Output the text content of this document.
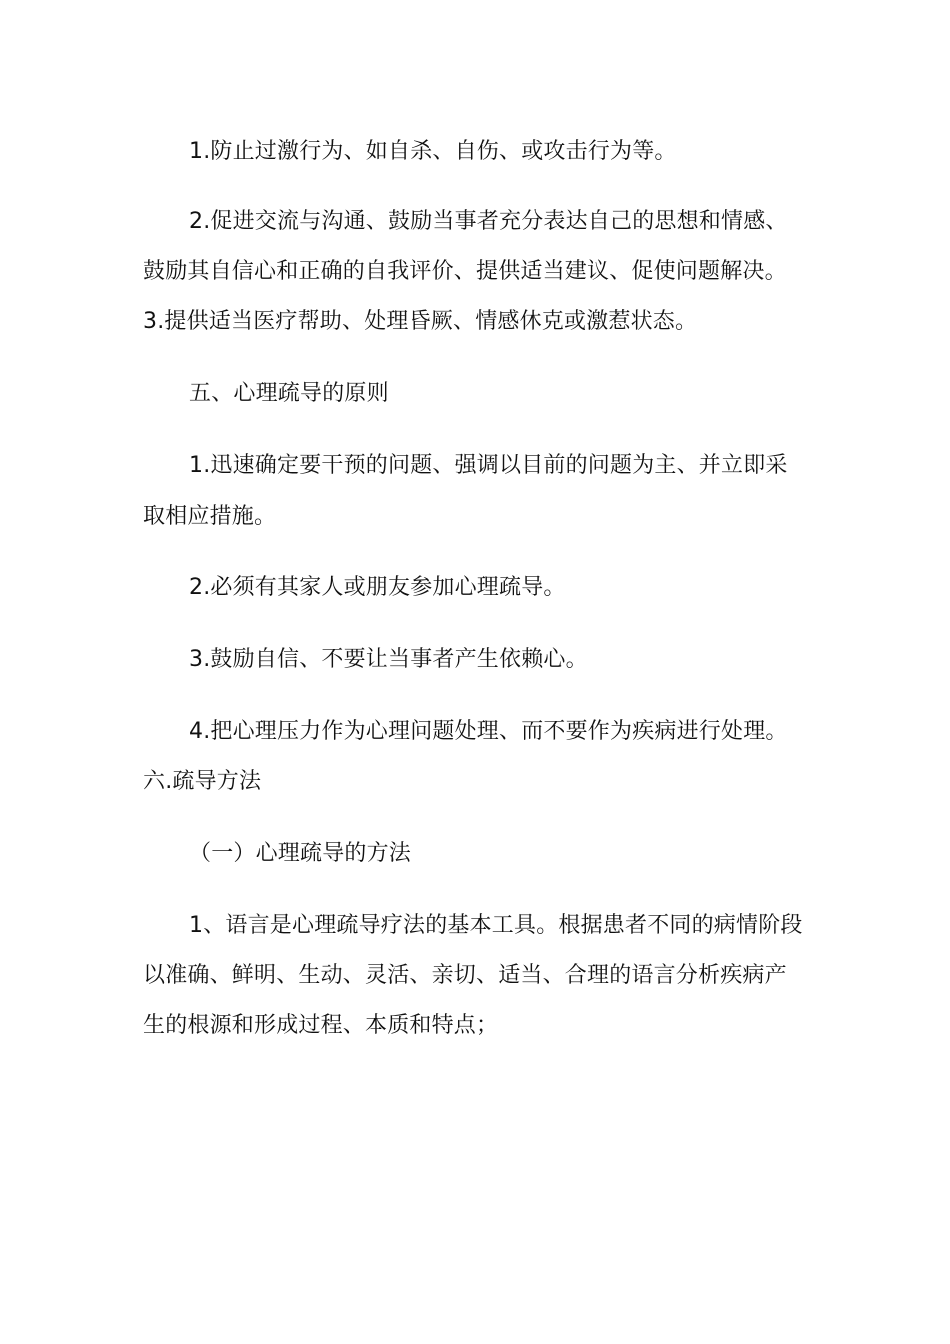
1.防止过激行为、如自杀、自伤、或攻击行为等。
2.促进交流与沟通、鼓励当事者充分表达自己的思想和情感、
鼓励其自信心和正确的自我评价、提供适当建议、促使问题解决。
3.提供适当医疗帮助、处理昏厥、情感休克或激惹状态。
五、心理疏导的原则
1.迅速确定要干预的问题、强调以目前的问题为主、并立即采
取相应措施。
2.必须有其家人或朋友参加心理疏导。
3.鼓励自信、不要让当事者产生依赖心。
4.把心理压力作为心理问题处理、而不要作为疾病进行处理。
六.疏导方法
（一）心理疏导的方法
1、语言是心理疏导疗法的基本工具。根据患者不同的病情阶段
以准确、鲜明、生动、灵活、亲切、适当、合理的语言分析疾病产
生的根源和形成过程、本质和特点；
